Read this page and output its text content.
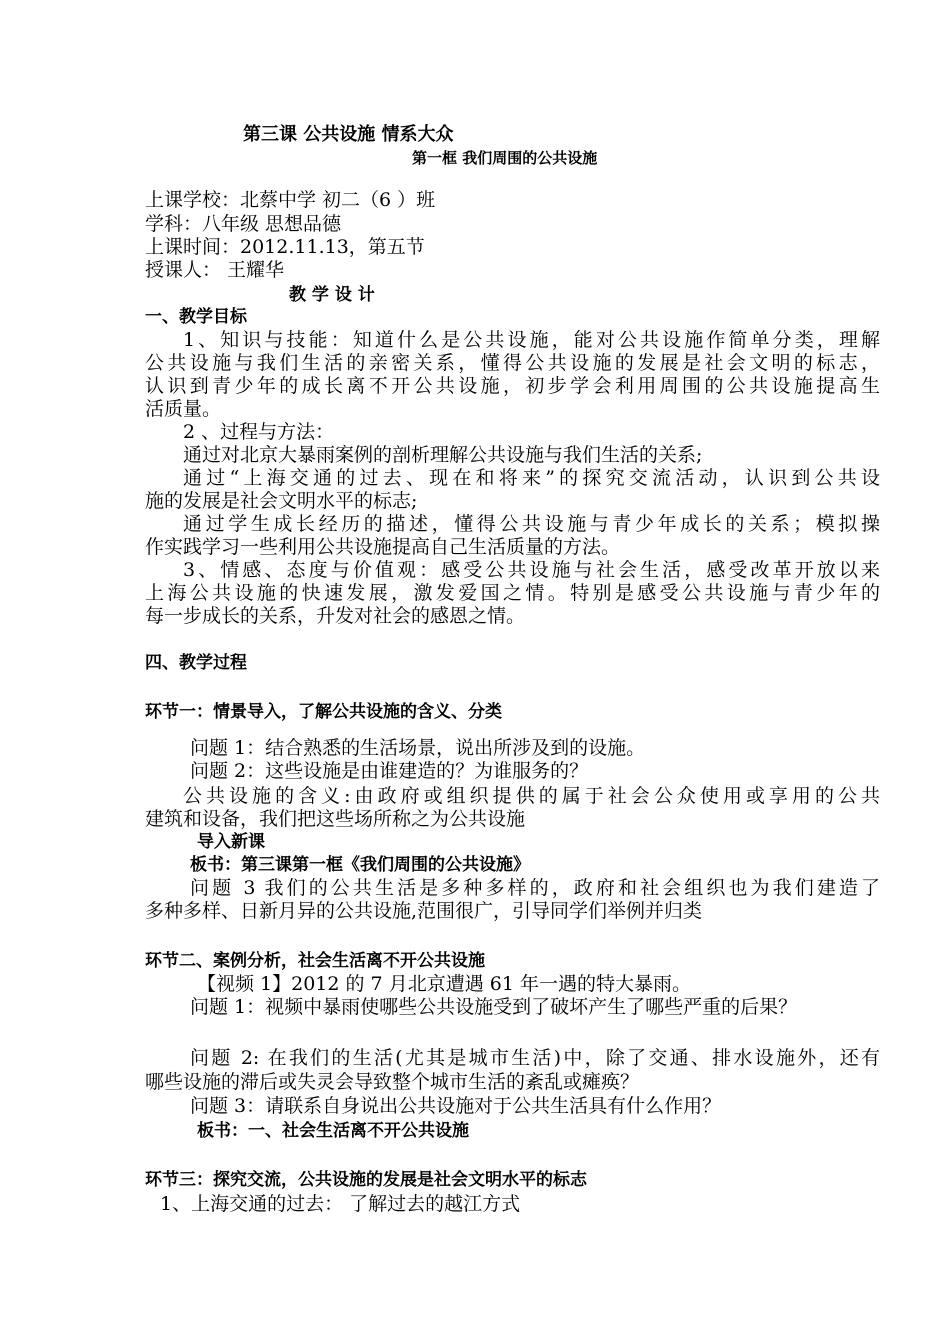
第三课 公共设施 情系大众
第一框 我们周围的公共设施
上课学校：北蔡中学 初二（6 ）班
学科：八年级 思想品德
上课时间：2012.11.13，第五节
授课人： 王耀华
教 学 设 计
一、教学目标
1、知识与技能：知道什么是公共设施，能对公共设施作简单分类，理解
公共设施与我们生活的亲密关系，懂得公共设施的发展是社会文明的标志，
认识到青少年的成长离不开公共设施，初步学会利用周围的公共设施提高生
活质量。
2 、过程与方法：
通过对北京大暴雨案例的剖析理解公共设施与我们生活的关系;
通过“上海交通的过去、现在和将来”的探究交流活动，认识到公共设
施的发展是社会文明水平的标志;
通过学生成长经历的描述，懂得公共设施与青少年成长的关系；模拟操
作实践学习一些利用公共设施提高自己生活质量的方法。
3、情感、态度与价值观：感受公共设施与社会生活，感受改革开放以来
上海公共设施的快速发展，激发爱国之情。特别是感受公共设施与青少年的
每一步成长的关系，升发对社会的感恩之情。
四、教学过程
环节一：情景导入，了解公共设施的含义、分类
问题 1：结合熟悉的生活场景，说出所涉及到的设施。
问题 2：这些设施是由谁建造的？为谁服务的？
公共设施的含义:由政府或组织提供的属于社会公众使用或享用的公共
建筑和设备，我们把这些场所称之为公共设施
导入新课
板书：第三课第一框《我们周围的公共设施》
问题 3 我们的公共生活是多种多样的，政府和社会组织也为我们建造了
多种多样、日新月异的公共设施,范围很广，引导同学们举例并归类
环节二、案例分析，社会生活离不开公共设施
【视频 1】2012 的 7 月北京遭遇 61 年一遇的特大暴雨。
问题 1：视频中暴雨使哪些公共设施受到了破坏产生了哪些严重的后果？
问题 2: 在我们的生活(尤其是城市生活)中，除了交通、排水设施外，还有
哪些设施的滞后或失灵会导致整个城市生活的紊乱或瘫痪？
问题 3：请联系自身说出公共设施对于公共生活具有什么作用？
板书：一、社会生活离不开公共设施
环节三：探究交流，公共设施的发展是社会文明水平的标志
1、上海交通的过去： 了解过去的越江方式
